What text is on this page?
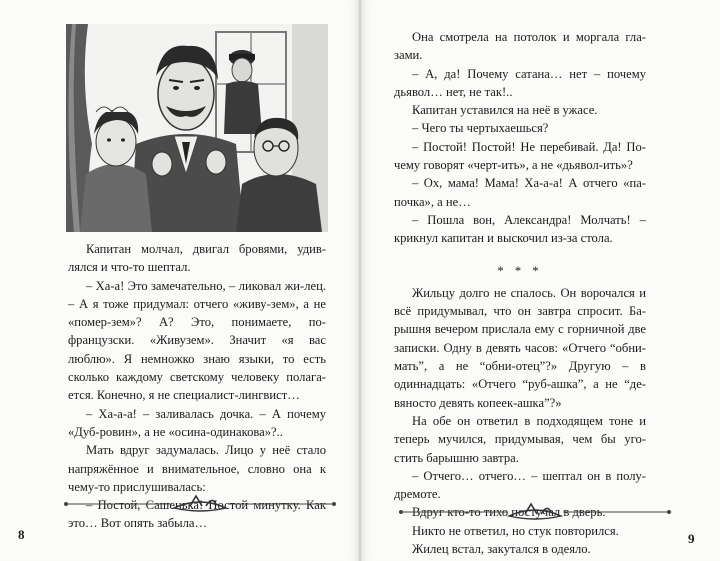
Капитан молчал, двигал бровями, удив-лялся и что-то шептал.

– Ха-а! Это замечательно, – ликовал жи-лец. – А я тоже придумал: отчего «живу-зем», а не «помер-зем»? А? Это, понимаете, по-французски. «Живузем». Значит «я вас люблю». Я немножко знаю языки, то есть сколько каждому светскому человеку полага-ется. Конечно, я не специалист-лингвист…

– Ха-а-а! – заливалась дочка. – А почему «Дуб-ровин», а не «осина-одинакова»?..

Мать вдруг задумалась. Лицо у неё стало напряжённое и внимательное, словно она к чему-то прислушивалась:

– Постой, Сашенька! Постой минутку. Как это… Вот опять забыла…

8

Она смотрела на потолок и моргала гла-зами.

– А, да! Почему сатана… нет – почему дьявол… нет, не так!..

Капитан уставился на неё в ужасе.

– Чего ты чертыхаешься?

– Постой! Постой! Не перебивай. Да! По-чему говорят «черт-ить», а не «дьявол-ить»?

– Ох, мама! Мама! Ха-а-а! А отчего «па-почка», а не…

– Пошла вон, Александра! Молчать! – крикнул капитан и выскочил из-за стола.

* * *

Жильцу долго не спалось. Он ворочался и всё придумывал, что он завтра спросит. Ба-рышня вечером прислала ему с горничной две записки. Одну в девять часов: «Отчего “обни-мать”, а не “обни-отец”?» Другую – в одиннадцать: «Отчего “руб-ашка”, а не “де-вяносто девять копеек-ашка”?»

На обе он ответил в подходящем тоне и теперь мучился, придумывая, чем бы уго-стить барышню завтра.

– Отчего… отчего… – шептал он в полу-дремоте.

Вдруг кто-то тихо постучал в дверь.

Никто не ответил, но стук повторился.

Жилец встал, закутался в одеяло.

9
